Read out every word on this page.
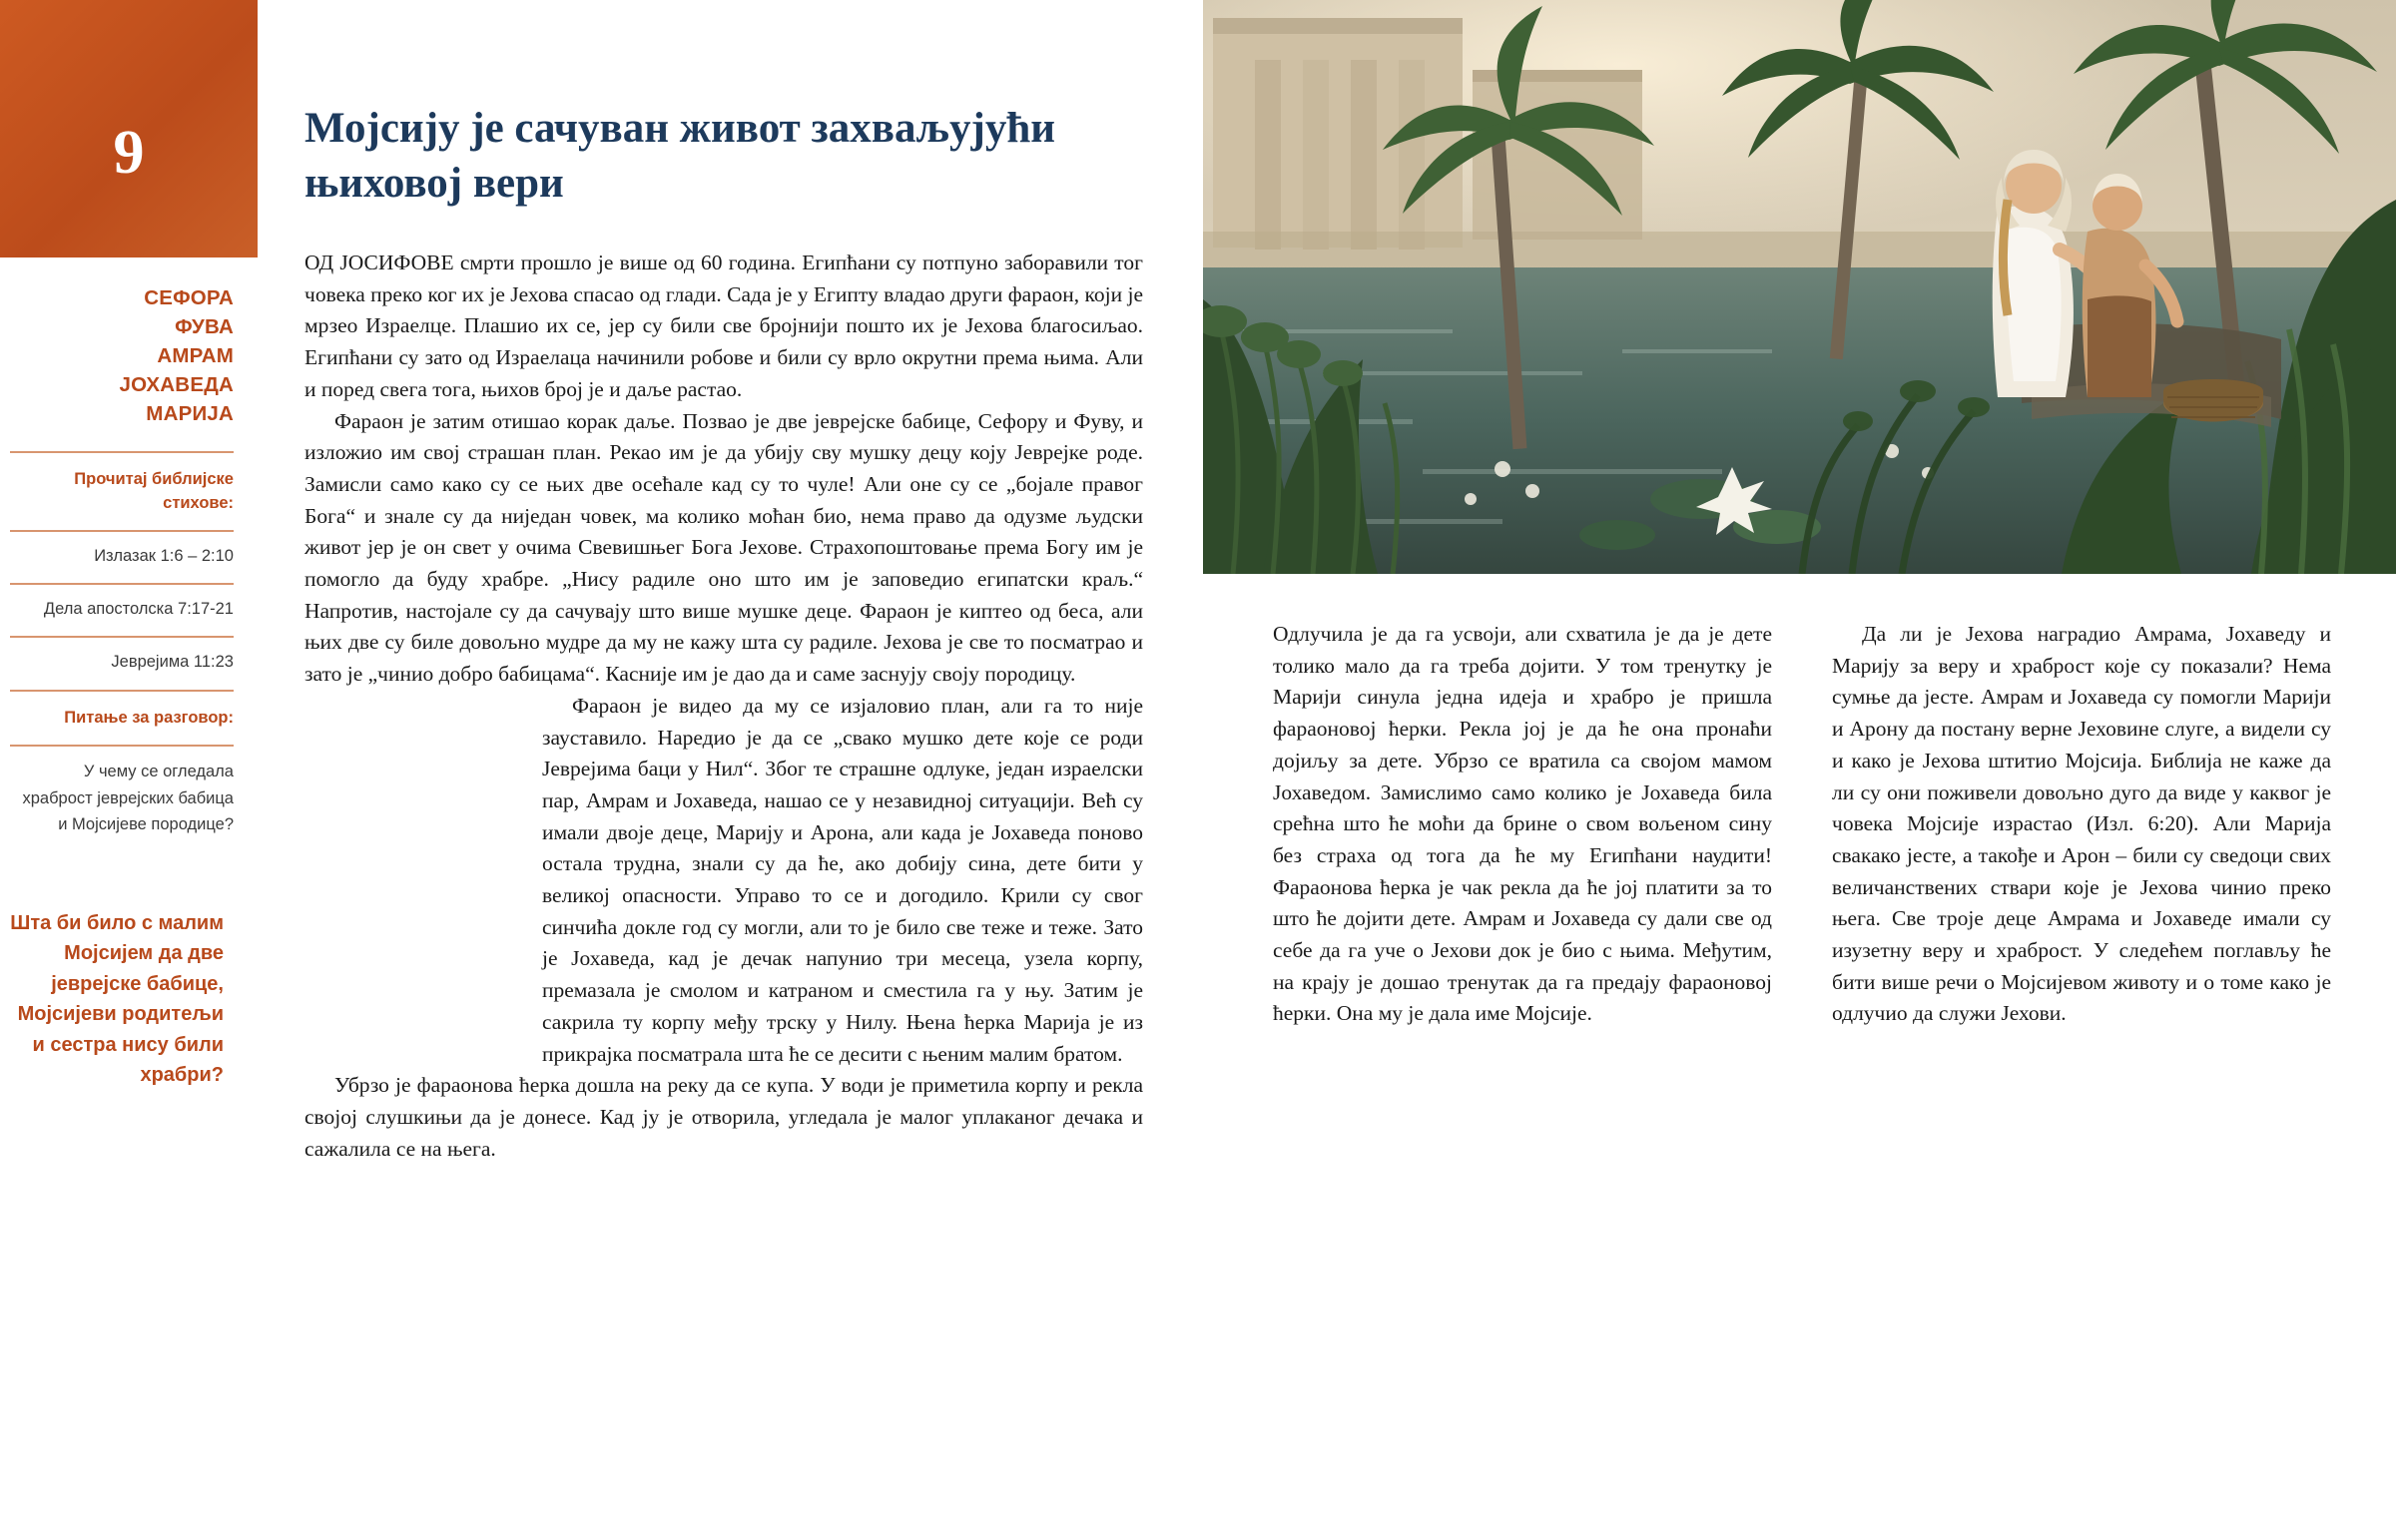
9
СЕФОРА
ФУВА
АМРАМ
ЈОХАВЕДА
МАРИЈА
Прочитај библијске стихове:
Излазак 1:6 – 2:10
Дела апостолска 7:17-21
Јеврејима 11:23
Питање за разговор:
У чему се огледала храброст јеврејских бабица и Мојсијеве породице?
Шта би било с малим Мојсијем да две јеврејске бабице, Мојсијеви родитељи и сестра нису били храбри?
Мојсију је сачуван живот захваљујући њиховој вери

ОД ЈОСИФОВЕ смрти прошло је више од 60 година. Египћани су потпуно заборавили тог човека преко ког их је Јехова спасао од глади. Сада је у Египту владао други фараон, који је мрзео Израелце. Плашио их се, јер су били све бројнији пошто их је Јехова благосиљао. Египћани су зато од Израелаца начинили робове и били су врло окрутни према њима. Али и поред свега тога, њихов број је и даље растао.

Фараон је затим отишао корак даље. Позвао је две јеврејске бабице, Сефору и Фуву, и изложио им свој страшан план. Рекао им је да убију сву мушку децу коју Јеврејке роде. Замисли само како су се њих две осећале кад су то чуле! Али оне су се „бојале правог Бога“ и знале су да ниједан човек, ма колико моћан био, нема право да одузме људски живот јер је он свет у очима Свевишњег Бога Јехове. Страхопоштовање према Богу им је помогло да буду храбре. „Нису радиле оно што им је заповедио египатски краљ.“ Напротив, настојале су да сачувају што више мушке деце. Фараон је киптео од беса, али њих две су биле довољно мудре да му не кажу шта су радиле. Јехова је све то посматрао и зато је „чинио добро бабицама“. Касније им је дао да и саме заснују своју породицу.

Фараон је видео да му се изјаловио план, али га то није зауставило. Наредио је да се „свако мушко дете које се роди Јеврејима баци у Нил“. Због те страшне одлуке, један израелски пар, Амрам и Јохаведа, нашао се у незавидној ситуацији. Већ су имали двоје деце, Марију и Арона, али када је Јохаведа поново остала трудна, знали су да ће, ако добију сина, дете бити у великој опасности. Управо то се и догодило. Крили су свог синчића докле год су могли, али то је било све теже и теже. Зато је Јохаведа, кад је дечак напунио три месеца, узела корпу, премазала је смолом и катраном и сместила га у њу. Затим је сакрила ту корпу међу трску у Нилу. Њена ћерка Марија је из прикрајка посматрала шта ће се десити с њеним малим братом.

Убрзо је фараонова ћерка дошла на реку да се купа. У води је приметила корпу и рекла својој слушкињи да је донесе. Кад ју је отворила, угледала је малог уплаканог дечака и сажалила се на њега.

Одлучила је да га усвоји, али схватила је да је дете толико мало да га треба дојити. У том тренутку је Марији синула једна идеја и храбро је пришла фараоновој ћерки. Рекла јој је да ће она пронаћи дојиљу за дете. Убрзо се вратила са својом мамом Јохаведом. Замислимо само колико је Јохаведа била срећна што ће моћи да брине о свом вољеном сину без страха од тога да ће му Египћани наудити! Фараонова ћерка је чак рекла да ће јој платити за то што ће дојити дете. Амрам и Јохаведа су дали све од себе да га уче о Јехови док је био с њима. Међутим, на крају је дошао тренутак да га предају фараоновој ћерки. Она му је дала име Мојсије.

Да ли је Јехова наградио Амрама, Јохаведу и Марију за веру и храброст које су показали? Нема сумње да јесте. Амрам и Јохаведа су помогли Марији и Арону да постану верне Јеховине слуге, а видели су и како је Јехова штитио Мојсија. Библија не каже да ли су они поживели довољно дуго да виде у каквог је човека Мојсије израстао (Изл. 6:20). Али Марија свакако јесте, а такође и Арон – били су сведоци свих величанствених ствари које је Јехова чинио преко њега. Све троје деце Амрама и Јохаведе имали су изузетну веру и храброст. У следећем поглављу ће бити више речи о Мојсијевом животу и о томе како је одлучио да служи Јехови.
